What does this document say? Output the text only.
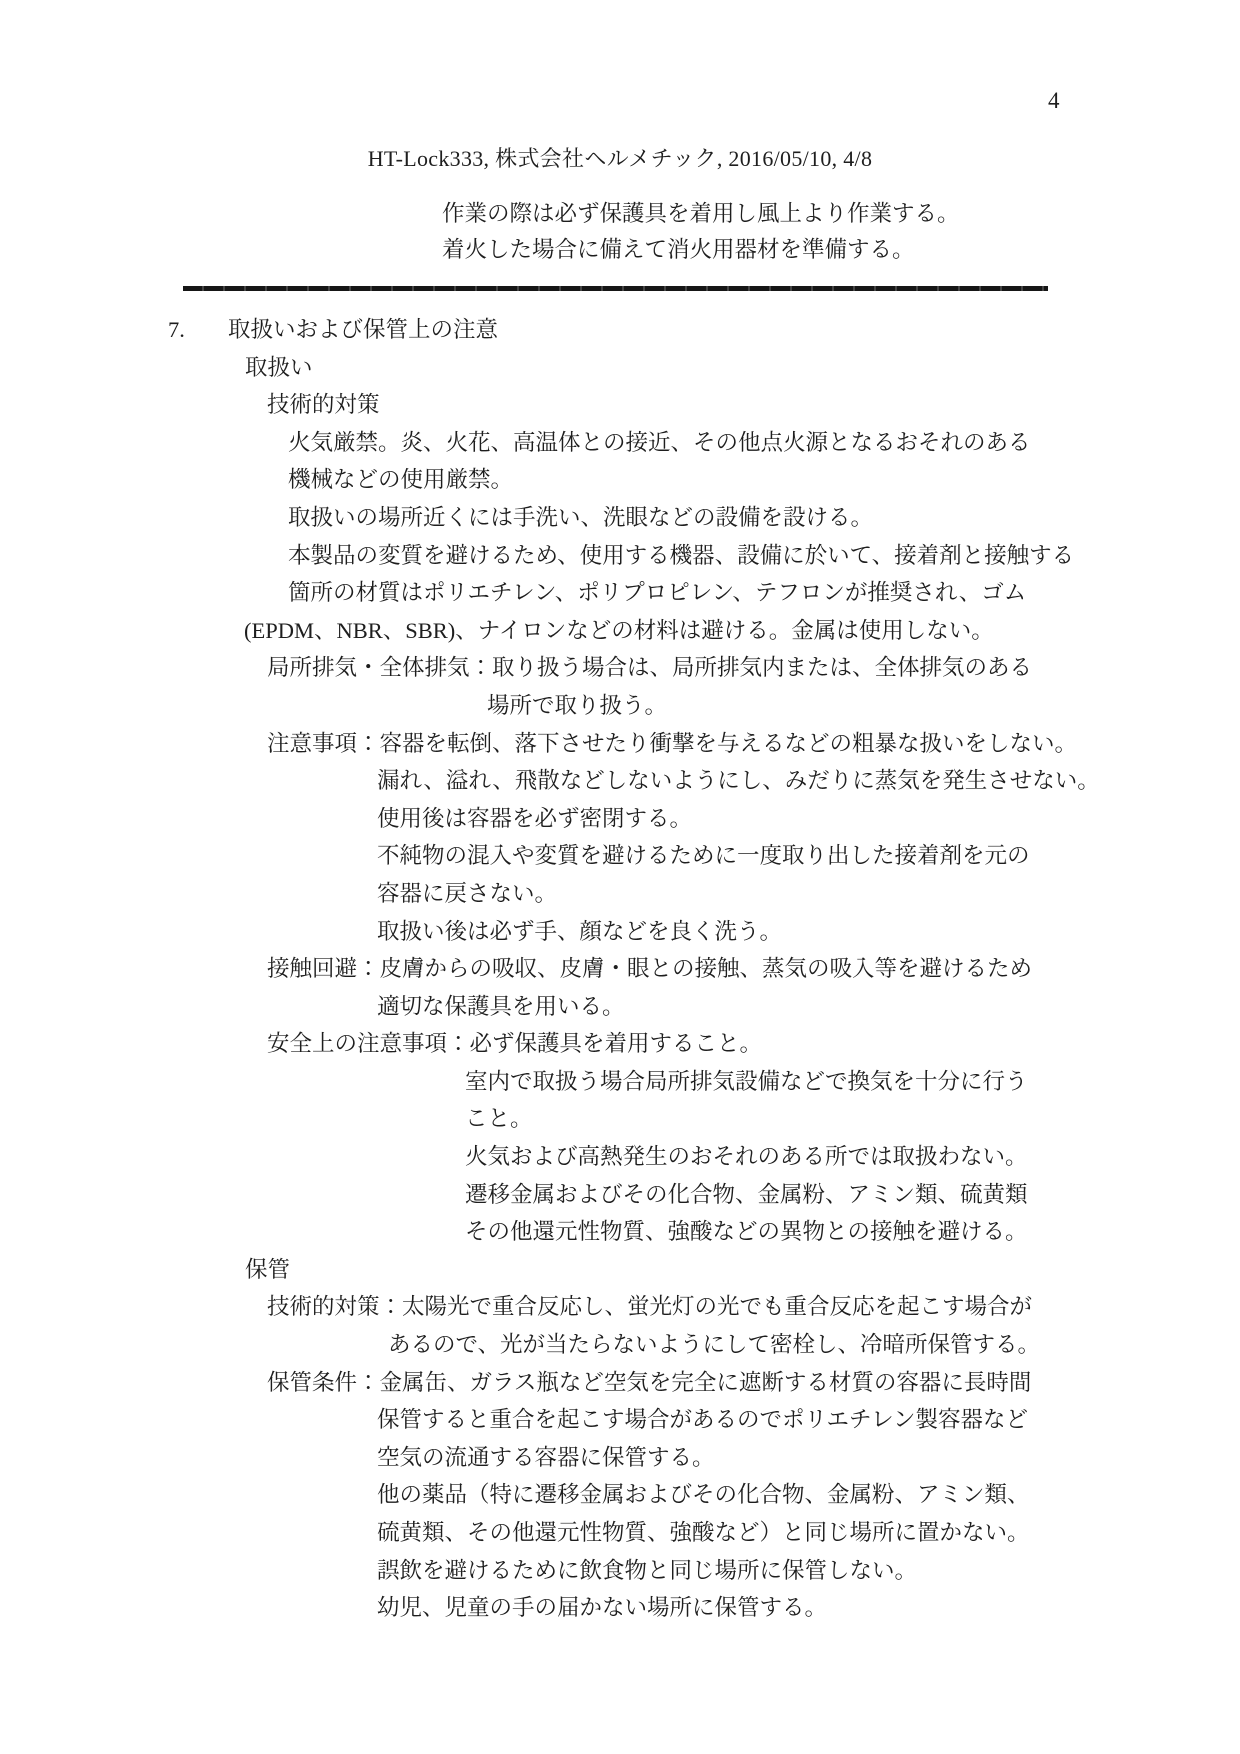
4
HT-Lock333, 株式会社ヘルメチック, 2016/05/10, 4/8
作業の際は必ず保護具を着用し風上より作業する。
着火した場合に備えて消火用器材を準備する。
7. 取扱いおよび保管上の注意
取扱い
技術的対策
火気厳禁。炎、火花、高温体との接近、その他点火源となるおそれのある
機械などの使用厳禁。
取扱いの場所近くには手洗い、洗眼などの設備を設ける。
本製品の変質を避けるため、使用する機器、設備に於いて、接着剤と接触する
箇所の材質はポリエチレン、ポリプロピレン、テフロンが推奨され、ゴム
(EPDM、NBR、SBR)、ナイロンなどの材料は避ける。金属は使用しない。
局所排気・全体排気：取り扱う場合は、局所排気内または、全体排気のある
場所で取り扱う。
注意事項：容器を転倒、落下させたり衝撃を与えるなどの粗暴な扱いをしない。
漏れ、溢れ、飛散などしないようにし、みだりに蒸気を発生させない。
使用後は容器を必ず密閉する。
不純物の混入や変質を避けるために一度取り出した接着剤を元の
容器に戻さない。
取扱い後は必ず手、顔などを良く洗う。
接触回避：皮膚からの吸収、皮膚・眼との接触、蒸気の吸入等を避けるため
適切な保護具を用いる。
安全上の注意事項：必ず保護具を着用すること。
室内で取扱う場合局所排気設備などで換気を十分に行う
こと。
火気および高熱発生のおそれのある所では取扱わない。
遷移金属およびその化合物、金属粉、アミン類、硫黄類
その他還元性物質、強酸などの異物との接触を避ける。
保管
技術的対策：太陽光で重合反応し、蛍光灯の光でも重合反応を起こす場合が
あるので、光が当たらないようにして密栓し、冷暗所保管する。
保管条件：金属缶、ガラス瓶など空気を完全に遮断する材質の容器に長時間
保管すると重合を起こす場合があるのでポリエチレン製容器など
空気の流通する容器に保管する。
他の薬品（特に遷移金属およびその化合物、金属粉、アミン類、
硫黄類、その他還元性物質、強酸など）と同じ場所に置かない。
誤飲を避けるために飲食物と同じ場所に保管しない。
幼児、児童の手の届かない場所に保管する。
